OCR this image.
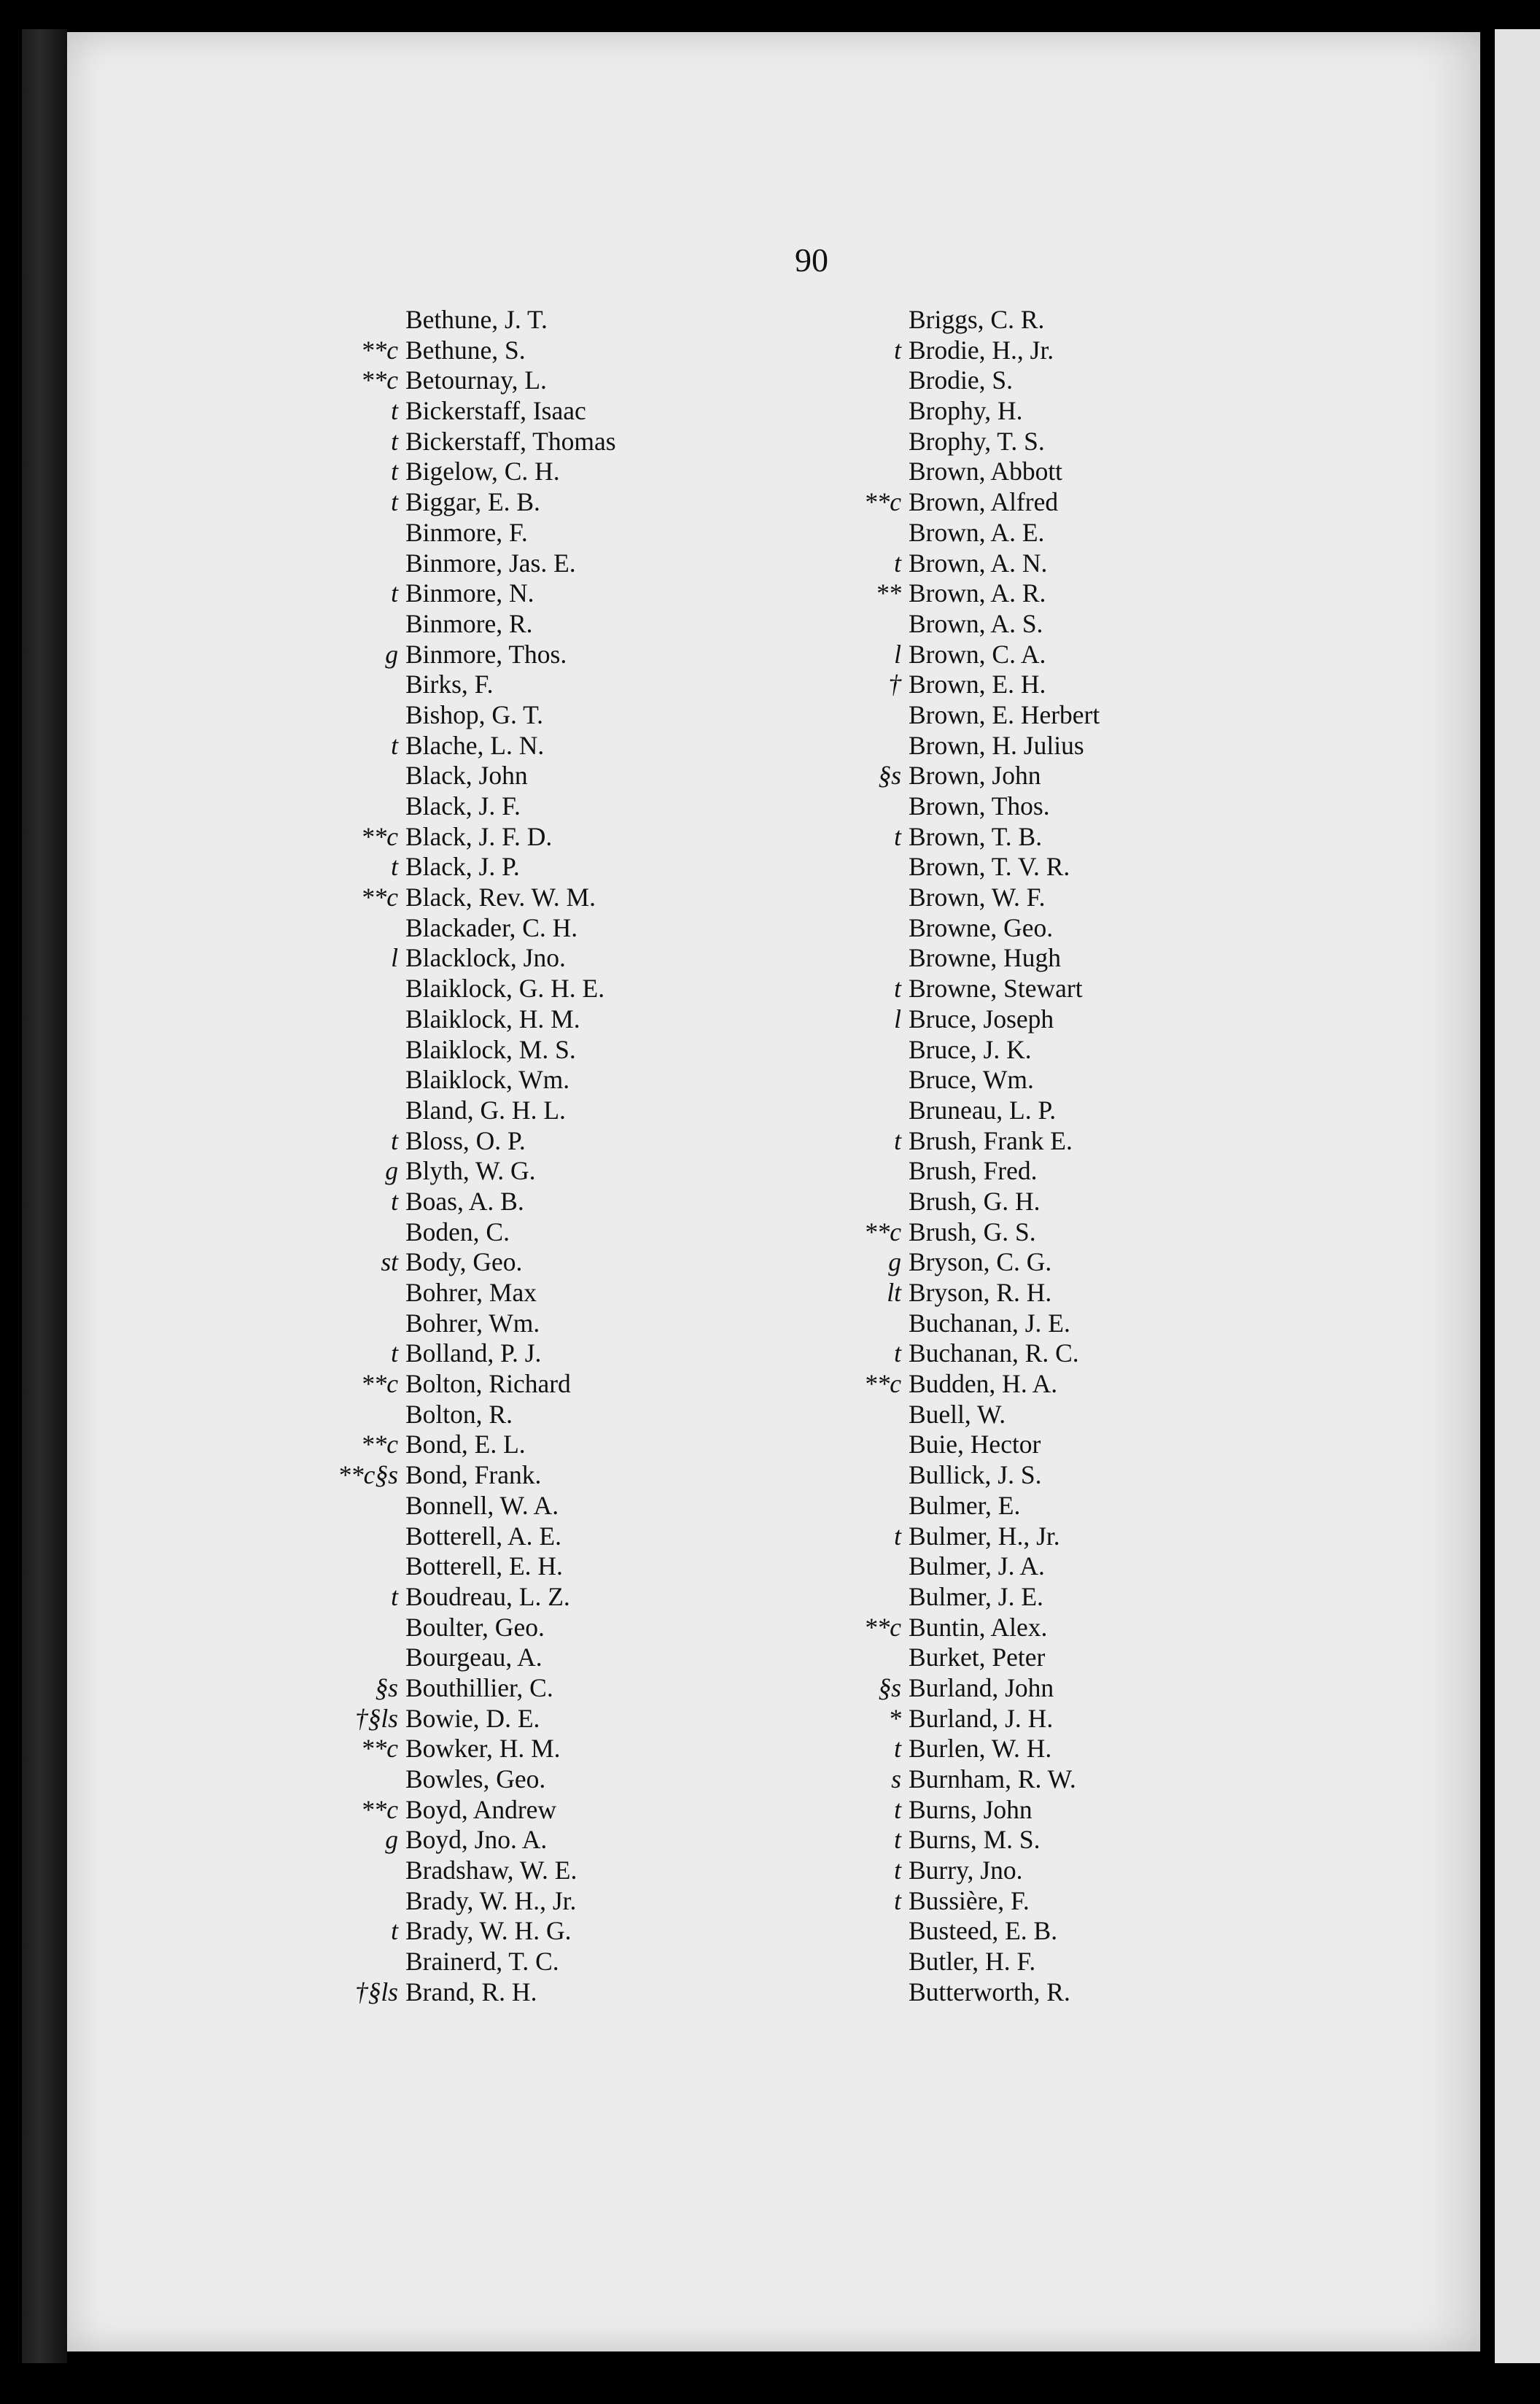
90
Bethune, J. T.
**c Bethune, S.
**c Betournay, L.
t Bickerstaff, Isaac
t Bickerstaff, Thomas
t Bigelow, C. H.
t Biggar, E. B.
Binmore, F.
Binmore, Jas. E.
t Binmore, N.
Binmore, R.
g Binmore, Thos.
Birks, F.
Bishop, G. T.
t Blache, L. N.
Black, John
Black, J. F.
**c Black, J. F. D.
t Black, J. P.
**c Black, Rev. W. M.
Blackader, C. H.
l Blacklock, Jno.
Blaiklock, G. H. E.
Blaiklock, H. M.
Blaiklock, M. S.
Blaiklock, Wm.
Bland, G. H. L.
t Bloss, O. P.
g Blyth, W. G.
t Boas, A. B.
Boden, C.
st Body, Geo.
Bohrer, Max
Bohrer, Wm.
t Bolland, P. J.
**c Bolton, Richard
Bolton, R.
**c Bond, E. L.
**c§s Bond, Frank.
Bonnell, W. A.
Botterell, A. E.
Botterell, E. H.
t Boudreau, L. Z.
Boulter, Geo.
Bourgeau, A.
§s Bouthillier, C.
†§ls Bowie, D. E.
**c Bowker, H. M.
Bowles, Geo.
**c Boyd, Andrew
g Boyd, Jno. A.
Bradshaw, W. E.
Brady, W. H., Jr.
t Brady, W. H. G.
Brainerd, T. C.
†§ls Brand, R. H.
Briggs, C. R.
t Brodie, H., Jr.
Brodie, S.
Brophy, H.
Brophy, T. S.
Brown, Abbott
**c Brown, Alfred
Brown, A. E.
t Brown, A. N.
** Brown, A. R.
Brown, A. S.
l Brown, C. A.
† Brown, E. H.
Brown, E. Herbert
Brown, H. Julius
§s Brown, John
Brown, Thos.
t Brown, T. B.
Brown, T. V. R.
Brown, W. F.
Browne, Geo.
Browne, Hugh
t Browne, Stewart
l Bruce, Joseph
Bruce, J. K.
Bruce, Wm.
Bruneau, L. P.
t Brush, Frank E.
Brush, Fred.
Brush, G. H.
**c Brush, G. S.
g Bryson, C. G.
lt Bryson, R. H.
Buchanan, J. E.
t Buchanan, R. C.
**c Budden, H. A.
Buell, W.
Buie, Hector
Bullick, J. S.
Bulmer, E.
t Bulmer, H., Jr.
Bulmer, J. A.
Bulmer, J. E.
**c Buntin, Alex.
Burket, Peter
§s Burland, John
* Burland, J. H.
t Burlen, W. H.
s Burnham, R. W.
t Burns, John
t Burns, M. S.
t Burry, Jno.
t Bussière, F.
Busteed, E. B.
Butler, H. F.
Butterworth, R.
